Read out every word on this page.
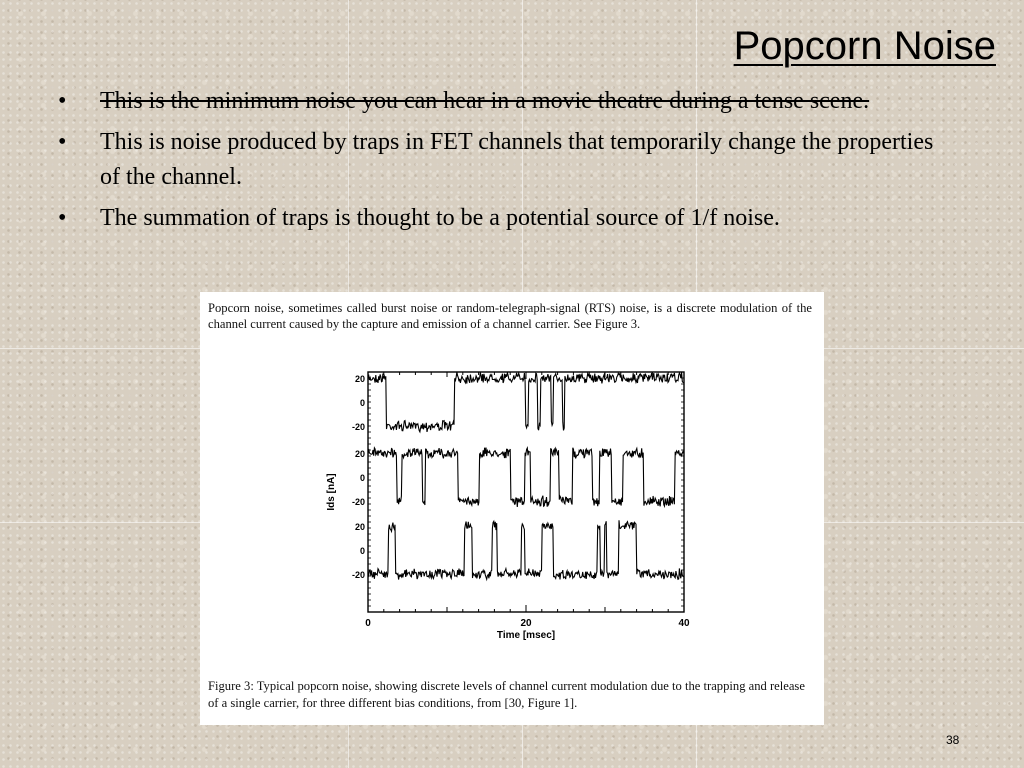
Popcorn Noise
• This is the minimum noise you can hear in a movie theatre during a tense scene.
• This is noise produced by traps in FET channels that temporarily change the properties of the channel.
• The summation of traps is thought to be a potential source of 1/f noise.

Popcorn noise, sometimes called burst noise or random-telegraph-signal (RTS) noise, is a discrete modulation of the channel current caused by the capture and emission of a channel carrier. See Figure 3.

0	20	40
Time [msec]
Ids [nA]
20
0
-20
20
0
-20
20
0
-20

Figure 3: Typical popcorn noise, showing discrete levels of channel current modulation due to the trapping and release of a single carrier, for three different bias conditions, from [30, Figure 1].

38
